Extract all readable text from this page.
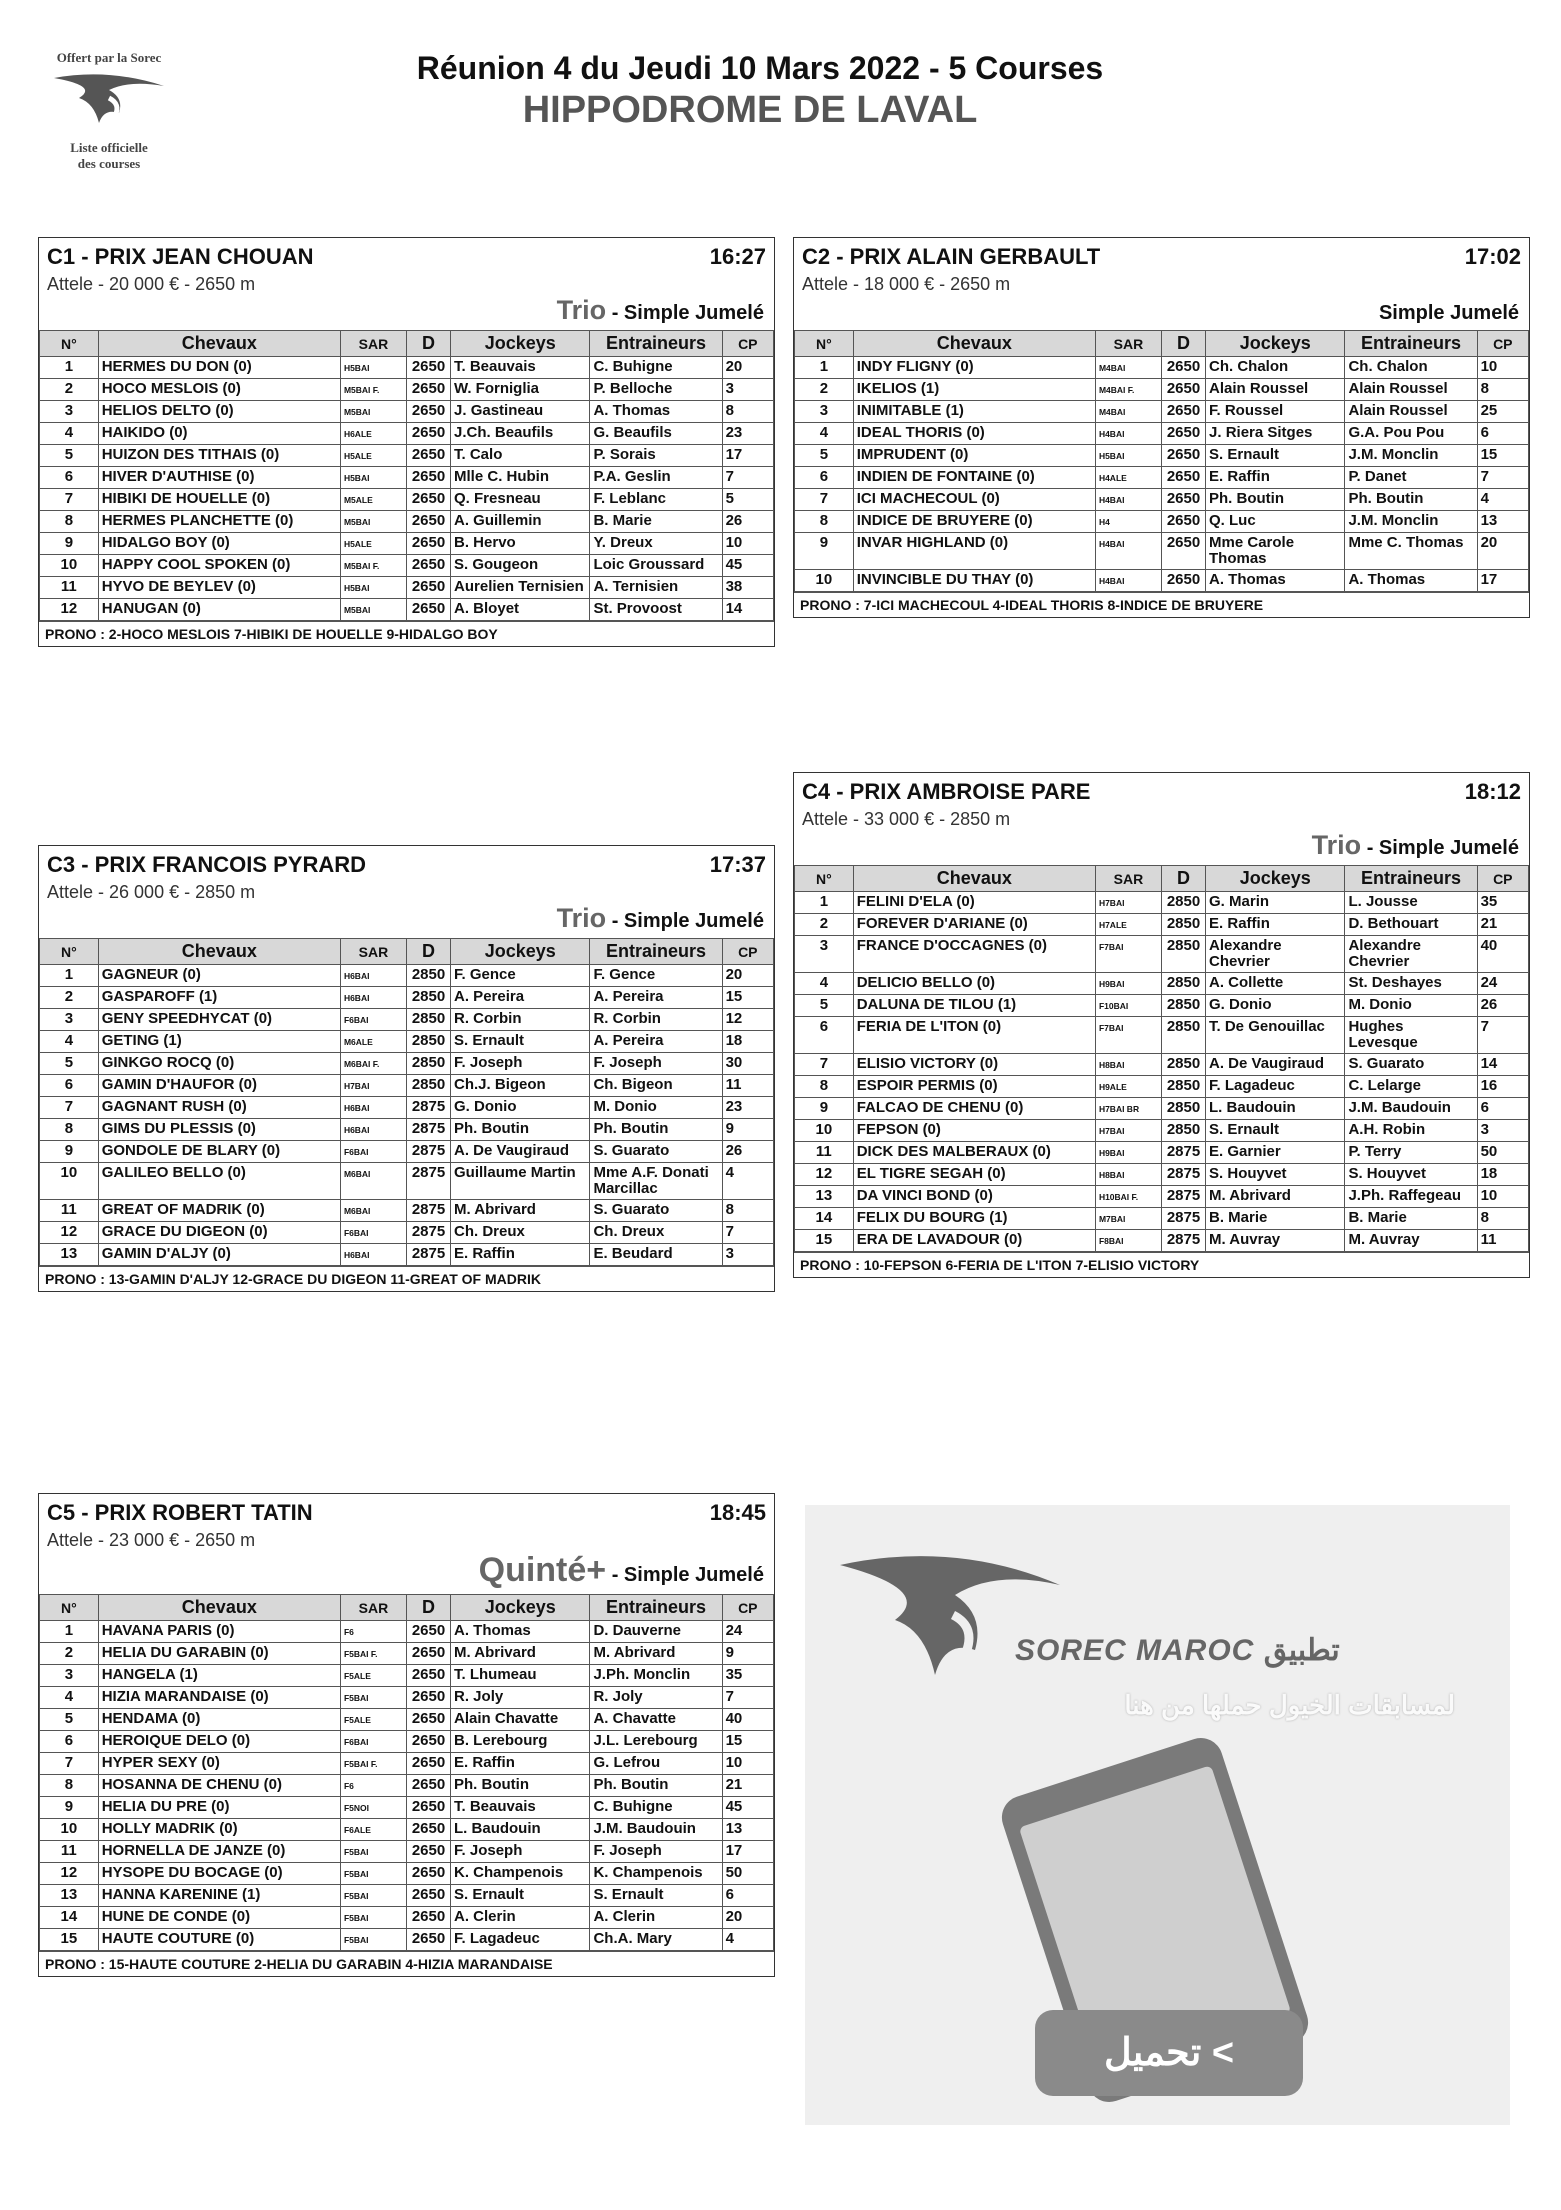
Offert par la Sorec
Liste officielle
des courses
Réunion 4 du Jeudi 10 Mars 2022 - 5 Courses
HIPPODROME DE LAVAL
C1 - PRIX JEAN CHOUAN	16:27
Attele - 20 000 € - 2650 m
Trio - Simple Jumelé
N°	Chevaux	SAR	D	Jockeys	Entraineurs	CP
1	HERMES DU DON (0)	H5BAI	2650	T. Beauvais	C. Buhigne	20
2	HOCO MESLOIS (0)	M5BAI F.	2650	W. Forniglia	P. Belloche	3
3	HELIOS DELTO (0)	M5BAI	2650	J. Gastineau	A. Thomas	8
4	HAIKIDO (0)	H6ALE	2650	J.Ch. Beaufils	G. Beaufils	23
5	HUIZON DES TITHAIS (0)	H5ALE	2650	T. Calo	P. Sorais	17
6	HIVER D'AUTHISE (0)	H5BAI	2650	Mlle C. Hubin	P.A. Geslin	7
7	HIBIKI DE HOUELLE (0)	M5ALE	2650	Q. Fresneau	F. Leblanc	5
8	HERMES PLANCHETTE (0)	M5BAI	2650	A. Guillemin	B. Marie	26
9	HIDALGO BOY (0)	H5ALE	2650	B. Hervo	Y. Dreux	10
10	HAPPY COOL SPOKEN (0)	M5BAI F.	2650	S. Gougeon	Loic Groussard	45
11	HYVO DE BEYLEV (0)	H5BAI	2650	Aurelien Ternisien	A. Ternisien	38
12	HANUGAN (0)	M5BAI	2650	A. Bloyet	St. Provoost	14
PRONO : 2-HOCO MESLOIS 7-HIBIKI DE HOUELLE 9-HIDALGO BOY
C2 - PRIX ALAIN GERBAULT	17:02
Attele - 18 000 € - 2650 m
Simple Jumelé
N°	Chevaux	SAR	D	Jockeys	Entraineurs	CP
1	INDY FLIGNY (0)	M4BAI	2650	Ch. Chalon	Ch. Chalon	10
2	IKELIOS (1)	M4BAI F.	2650	Alain Roussel	Alain Roussel	8
3	INIMITABLE (1)	M4BAI	2650	F. Roussel	Alain Roussel	25
4	IDEAL THORIS (0)	H4BAI	2650	J. Riera Sitges	G.A. Pou Pou	6
5	IMPRUDENT (0)	H5BAI	2650	S. Ernault	J.M. Monclin	15
6	INDIEN DE FONTAINE (0)	H4ALE	2650	E. Raffin	P. Danet	7
7	ICI MACHECOUL (0)	H4BAI	2650	Ph. Boutin	Ph. Boutin	4
8	INDICE DE BRUYERE (0)	H4	2650	Q. Luc	J.M. Monclin	13
9	INVAR HIGHLAND (0)	H4BAI	2650	Mme Carole Thomas	Mme C. Thomas	20
10	INVINCIBLE DU THAY (0)	H4BAI	2650	A. Thomas	A. Thomas	17
PRONO : 7-ICI MACHECOUL 4-IDEAL THORIS 8-INDICE DE BRUYERE
C3 - PRIX FRANCOIS PYRARD	17:37
Attele - 26 000 € - 2850 m
Trio - Simple Jumelé
N°	Chevaux	SAR	D	Jockeys	Entraineurs	CP
1	GAGNEUR (0)	H6BAI	2850	F. Gence	F. Gence	20
2	GASPAROFF (1)	H6BAI	2850	A. Pereira	A. Pereira	15
3	GENY SPEEDHYCAT (0)	F6BAI	2850	R. Corbin	R. Corbin	12
4	GETING (1)	M6ALE	2850	S. Ernault	A. Pereira	18
5	GINKGO ROCQ (0)	M6BAI F.	2850	F. Joseph	F. Joseph	30
6	GAMIN D'HAUFOR (0)	H7BAI	2850	Ch.J. Bigeon	Ch. Bigeon	11
7	GAGNANT RUSH (0)	H6BAI	2875	G. Donio	M. Donio	23
8	GIMS DU PLESSIS (0)	H6BAI	2875	Ph. Boutin	Ph. Boutin	9
9	GONDOLE DE BLARY (0)	F6BAI	2875	A. De Vaugiraud	S. Guarato	26
10	GALILEO BELLO (0)	M6BAI	2875	Guillaume Martin	Mme A.F. Donati Marcillac	4
11	GREAT OF MADRIK (0)	M6BAI	2875	M. Abrivard	S. Guarato	8
12	GRACE DU DIGEON (0)	F6BAI	2875	Ch. Dreux	Ch. Dreux	7
13	GAMIN D'ALJY (0)	H6BAI	2875	E. Raffin	E. Beudard	3
PRONO : 13-GAMIN D'ALJY 12-GRACE DU DIGEON 11-GREAT OF MADRIK
C4 - PRIX AMBROISE PARE	18:12
Attele - 33 000 € - 2850 m
Trio - Simple Jumelé
N°	Chevaux	SAR	D	Jockeys	Entraineurs	CP
1	FELINI D'ELA (0)	H7BAI	2850	G. Marin	L. Jousse	35
2	FOREVER D'ARIANE (0)	H7ALE	2850	E. Raffin	D. Bethouart	21
3	FRANCE D'OCCAGNES (0)	F7BAI	2850	Alexandre Chevrier	Alexandre Chevrier	40
4	DELICIO BELLO (0)	H9BAI	2850	A. Collette	St. Deshayes	24
5	DALUNA DE TILOU (1)	F10BAI	2850	G. Donio	M. Donio	26
6	FERIA DE L'ITON (0)	F7BAI	2850	T. De Genouillac	Hughes Levesque	7
7	ELISIO VICTORY (0)	H8BAI	2850	A. De Vaugiraud	S. Guarato	14
8	ESPOIR PERMIS (0)	H9ALE	2850	F. Lagadeuc	C. Lelarge	16
9	FALCAO DE CHENU (0)	H7BAI BR	2850	L. Baudouin	J.M. Baudouin	6
10	FEPSON (0)	H7BAI	2850	S. Ernault	A.H. Robin	3
11	DICK DES MALBERAUX (0)	H9BAI	2875	E. Garnier	P. Terry	50
12	EL TIGRE SEGAH (0)	H8BAI	2875	S. Houyvet	S. Houyvet	18
13	DA VINCI BOND (0)	H10BAI F.	2875	M. Abrivard	J.Ph. Raffegeau	10
14	FELIX DU BOURG (1)	M7BAI	2875	B. Marie	B. Marie	8
15	ERA DE LAVADOUR (0)	F8BAI	2875	M. Auvray	M. Auvray	11
PRONO : 10-FEPSON 6-FERIA DE L'ITON 7-ELISIO VICTORY
C5 - PRIX ROBERT TATIN	18:45
Attele - 23 000 € - 2650 m
Quinté+ - Simple Jumelé
N°	Chevaux	SAR	D	Jockeys	Entraineurs	CP
1	HAVANA PARIS (0)	F6	2650	A. Thomas	D. Dauverne	24
2	HELIA DU GARABIN (0)	F5BAI F.	2650	M. Abrivard	M. Abrivard	9
3	HANGELA (1)	F5ALE	2650	T. Lhumeau	J.Ph. Monclin	35
4	HIZIA MARANDAISE (0)	F5BAI	2650	R. Joly	R. Joly	7
5	HENDAMA (0)	F5ALE	2650	Alain Chavatte	A. Chavatte	40
6	HEROIQUE DELO (0)	F6BAI	2650	B. Lerebourg	J.L. Lerebourg	15
7	HYPER SEXY (0)	F5BAI F.	2650	E. Raffin	G. Lefrou	10
8	HOSANNA DE CHENU (0)	F6	2650	Ph. Boutin	Ph. Boutin	21
9	HELIA DU PRE (0)	F5NOI	2650	T. Beauvais	C. Buhigne	45
10	HOLLY MADRIK (0)	F6ALE	2650	L. Baudouin	J.M. Baudouin	13
11	HORNELLA DE JANZE (0)	F5BAI	2650	F. Joseph	F. Joseph	17
12	HYSOPE DU BOCAGE (0)	F5BAI	2650	K. Champenois	K. Champenois	50
13	HANNA KARENINE (1)	F5BAI	2650	S. Ernault	S. Ernault	6
14	HUNE DE CONDE (0)	F5BAI	2650	A. Clerin	A. Clerin	20
15	HAUTE COUTURE (0)	F5BAI	2650	F. Lagadeuc	Ch.A. Mary	4
PRONO : 15-HAUTE COUTURE 2-HELIA DU GARABIN 4-HIZIA MARANDAISE
SOREC MAROC تطبيق
لمسابقات الخيول حملها من هنا
تحميل <
